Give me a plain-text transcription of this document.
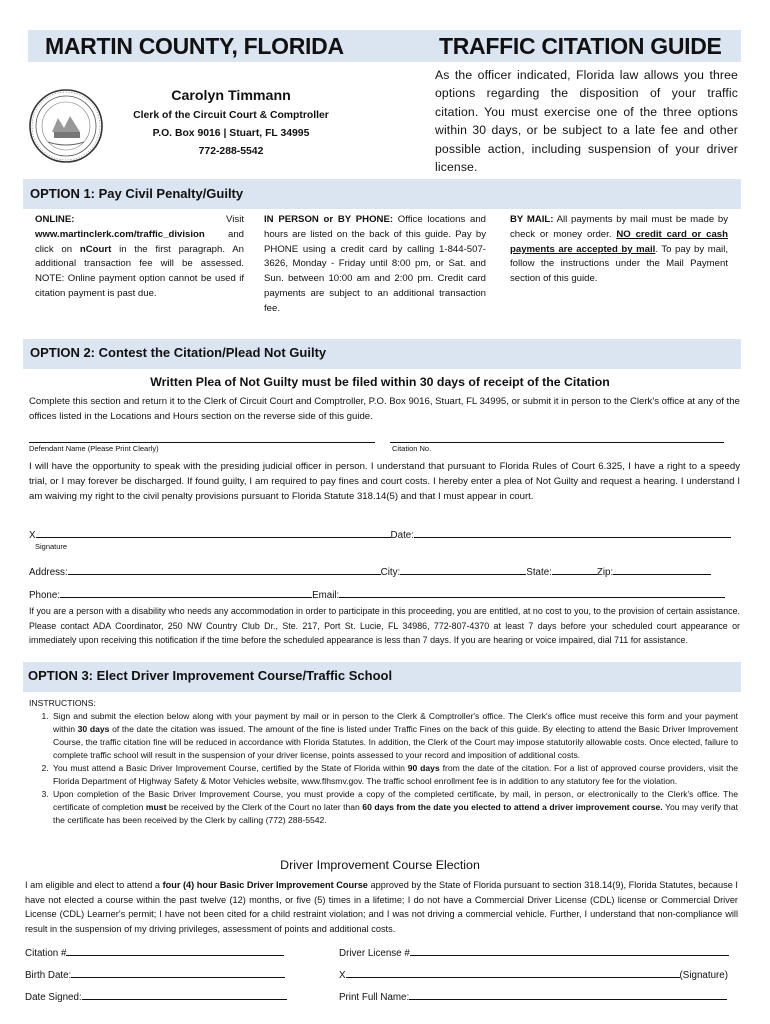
MARTIN COUNTY, FLORIDA	TRAFFIC CITATION GUIDE
Carolyn Timmann
Clerk of the Circuit Court & Comptroller
P.O. Box 9016 | Stuart, FL 34995
772-288-5542
As the officer indicated, Florida law allows you three options regarding the disposition of your traffic citation. You must exercise one of the three options within 30 days, or be subject to a late fee and other possible action, including suspension of your driver license.
OPTION 1: Pay Civil Penalty/Guilty
ONLINE:	Visit www.martinclerk.com/traffic_division and click on nCourt in the first paragraph. An additional transaction fee will be assessed. NOTE: Online payment option cannot be used if citation payment is past due.
IN PERSON or BY PHONE: Office locations and hours are listed on the back of this guide. Pay by PHONE using a credit card by calling 1-844-507-3626, Monday - Friday until 8:00 pm, or Sat. and Sun. between 10:00 am and 2:00 pm. Credit card payments are subject to an additional transaction fee.
BY MAIL: All payments by mail must be made by check or money order. NO credit card or cash payments are accepted by mail. To pay by mail, follow the instructions under the Mail Payment section of this guide.
OPTION 2: Contest the Citation/Plead Not Guilty
Written Plea of Not Guilty must be filed within 30 days of receipt of the Citation
Complete this section and return it to the Clerk of Circuit Court and Comptroller, P.O. Box 9016, Stuart, FL 34995, or submit it in person to the Clerk's office at any of the offices listed in the Locations and Hours section on the reverse side of this guide.
Defendant Name (Please Print Clearly)	Citation No.
I will have the opportunity to speak with the presiding judicial officer in person. I understand that pursuant to Florida Rules of Court 6.325, I have a right to a speedy trial, or I may forever be discharged. If found guilty, I am required to pay fines and court costs. I hereby enter a plea of Not Guilty and request a hearing. I understand I am waiving my right to the civil penalty provisions pursuant to Florida Statute 318.14(5) and that I must appear in court.
X	Date:
Signature
Address:	City:	State:	Zip:
Phone:	Email:
If you are a person with a disability who needs any accommodation in order to participate in this proceeding, you are entitled, at no cost to you, to the provision of certain assistance. Please contact ADA Coordinator, 250 NW Country Club Dr., Ste. 217, Port St. Lucie, FL 34986, 772-807-4370 at least 7 days before your scheduled court appearance or immediately upon receiving this notification if the time before the scheduled appearance is less than 7 days. If you are hearing or voice impaired, dial 711 for assistance.
OPTION 3: Elect Driver Improvement Course/Traffic School
INSTRUCTIONS:
1. Sign and submit the election below along with your payment by mail or in person to the Clerk & Comptroller's office. The Clerk's office must receive this form and your payment within 30 days of the date the citation was issued. The amount of the fine is listed under Traffic Fines on the back of this guide. By electing to attend the Basic Driver Improvement Course, the traffic citation fine will be reduced in accordance with Florida Statutes. In addition, the Clerk of the Court may impose statutorily allowable costs. Once elected, failure to complete traffic school will result in the suspension of your driver license, points assessed to your record and imposition of additional costs.
2. You must attend a Basic Driver Improvement Course, certified by the State of Florida within 90 days from the date of the citation. For a list of approved course providers, visit the Florida Department of Highway Safety & Motor Vehicles website, www.flhsmv.gov. The traffic school enrollment fee is in addition to any statutory fee for the violation.
3. Upon completion of the Basic Driver Improvement Course, you must provide a copy of the completed certificate, by mail, in person, or electronically to the Clerk's office. The certificate of completion must be received by the Clerk of the Court no later than 60 days from the date you elected to attend a driver improvement course. You may verify that the certificate has been received by the Clerk by calling (772) 288-5542.
Driver Improvement Course Election
I am eligible and elect to attend a four (4) hour Basic Driver Improvement Course approved by the State of Florida pursuant to section 318.14(9), Florida Statutes, because I have not elected a course within the past twelve (12) months, or five (5) times in a lifetime; I do not have a Commercial Driver License (CDL) license or Commercial Driver License (CDL) Learner's permit; I have not been cited for a child restraint violation; and I was not driving a commercial vehicle. Further, I understand that non-compliance will result in the suspension of my driving privileges, assessment of points and additional costs.
Citation #	Driver License #
Birth Date:	X	(Signature)
Date Signed:	Print Full Name:
